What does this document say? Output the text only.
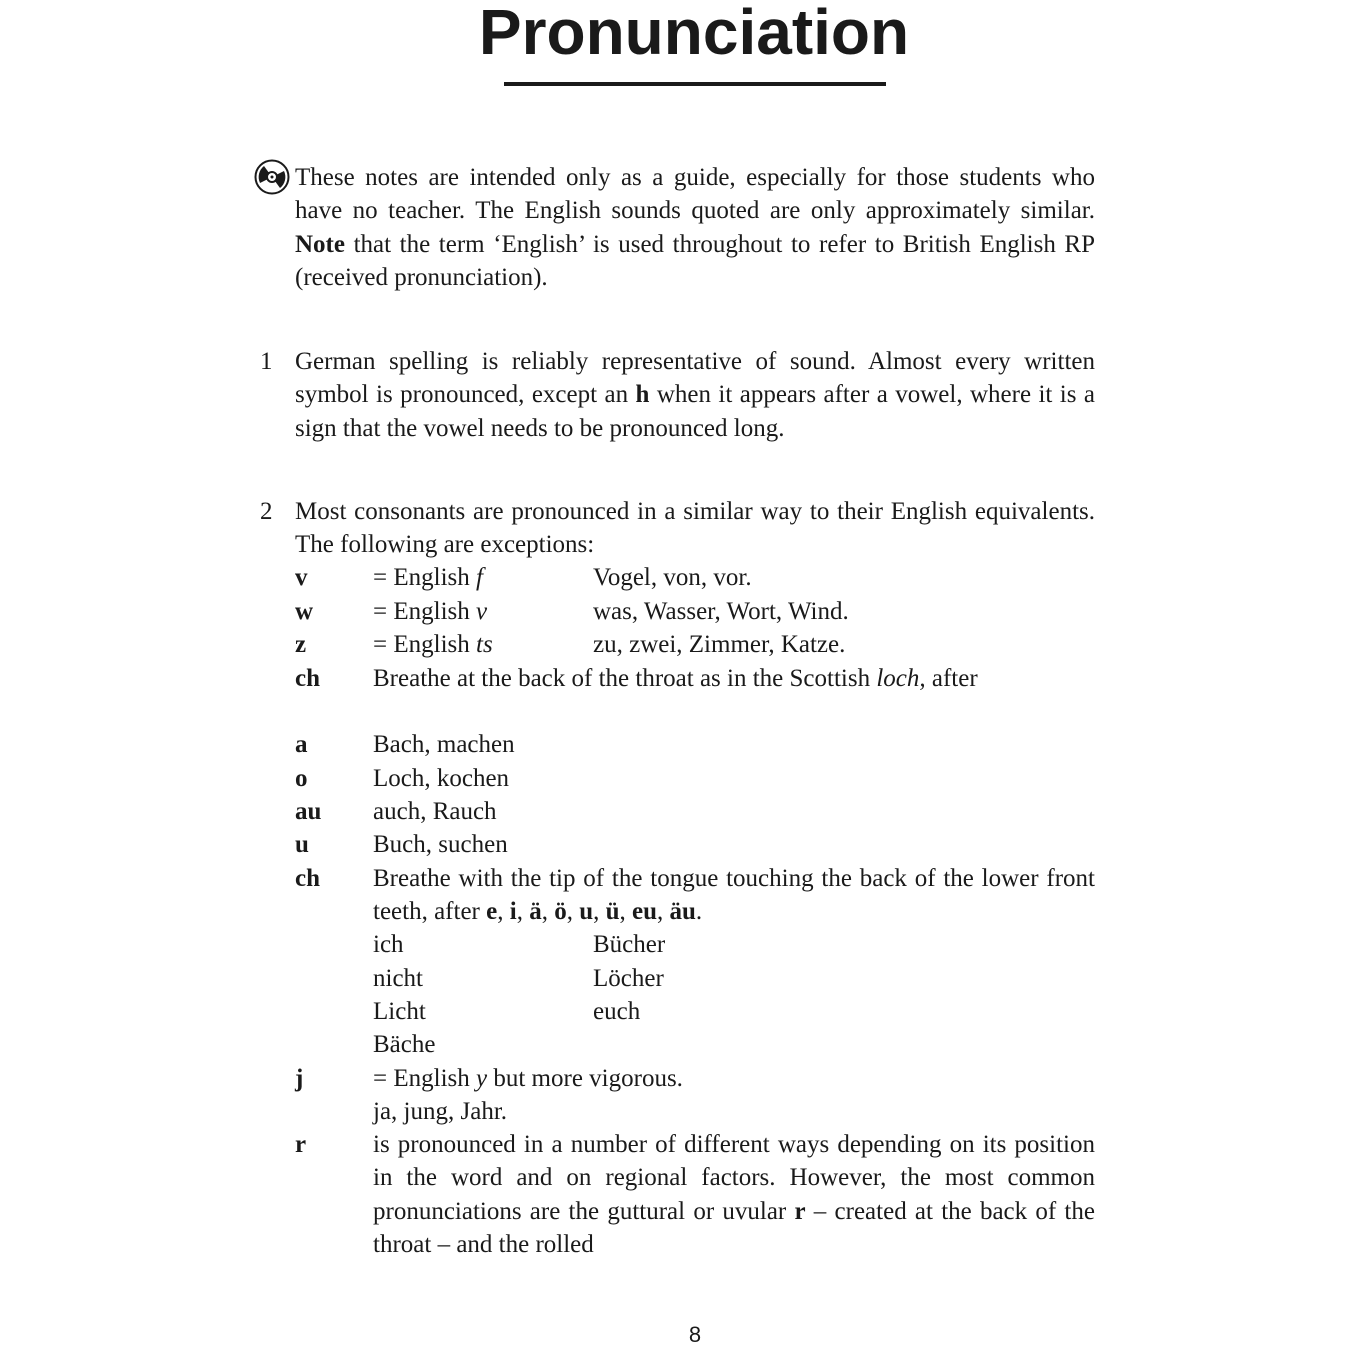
Pronunciation
These notes are intended only as a guide, especially for those students who have no teacher. The English sounds quoted are only approximately similar. Note that the term ‘English’ is used throughout to refer to British English RP (received pronunciation).
1 German spelling is reliably representative of sound. Almost every written symbol is pronounced, except an h when it appears after a vowel, where it is a sign that the vowel needs to be pronounced long.
2 Most consonants are pronounced in a similar way to their English equivalents. The following are exceptions:
v	= English f	Vogel, von, vor.
w = English v	was, Wasser, Wort, Wind.
z	= English ts	zu, zwei, Zimmer, Katze.
ch Breathe at the back of the throat as in the Scottish loch, after
a	Bach, machen
o	Loch, kochen
au auch, Rauch
u	Buch, suchen
ch Breathe with the tip of the tongue touching the back of the lower front teeth, after e, i, ä, ö, u, ü, eu, äu.
ich	Bücher
nicht	Löcher
Licht	euch
Bäche
j	= English y but more vigorous.
ja, jung, Jahr.
r	is pronounced in a number of different ways depending on its position in the word and on regional factors. However, the most common pronunciations are the guttural or uvular r – created at the back of the throat – and the rolled
8
